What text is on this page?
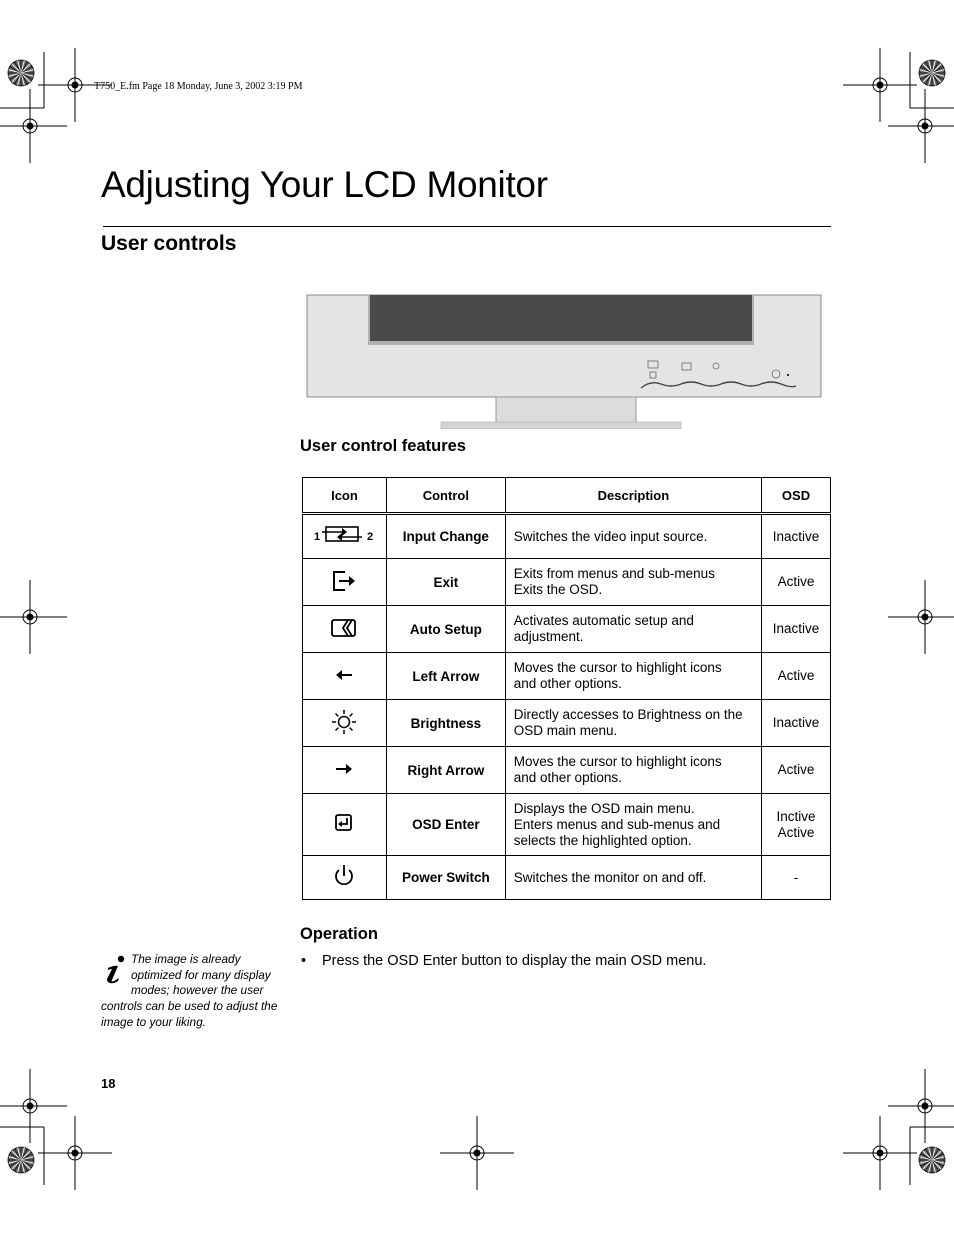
T750_E.fm Page 18 Monday, June 3, 2002 3:19 PM
Adjusting Your LCD Monitor
User controls
User control features
Icon	Control	Description	OSD

1 2	Input Change	Switches the video input source.	Inactive

	Exit	Exits from menus and sub-menus
Exits the OSD.	Active

	Auto Setup	Activates automatic setup and
adjustment.	Inactive

	Left Arrow	Moves the cursor to highlight icons
and other options.	Active

	Brightness	Directly accesses to Brightness on the
OSD main menu.	Inactive

	Right Arrow	Moves the cursor to highlight icons
and other options.	Active

	OSD Enter	Displays the OSD main menu.
Enters menus and sub-menus and
selects the highlighted option.	Inctive
Active

	Power Switch	Switches the monitor on and off.	-
Operation
• Press the OSD Enter button to display the main OSD menu.
The image is already optimized for many display modes; however the user controls can be used to adjust the image to your liking.
18
